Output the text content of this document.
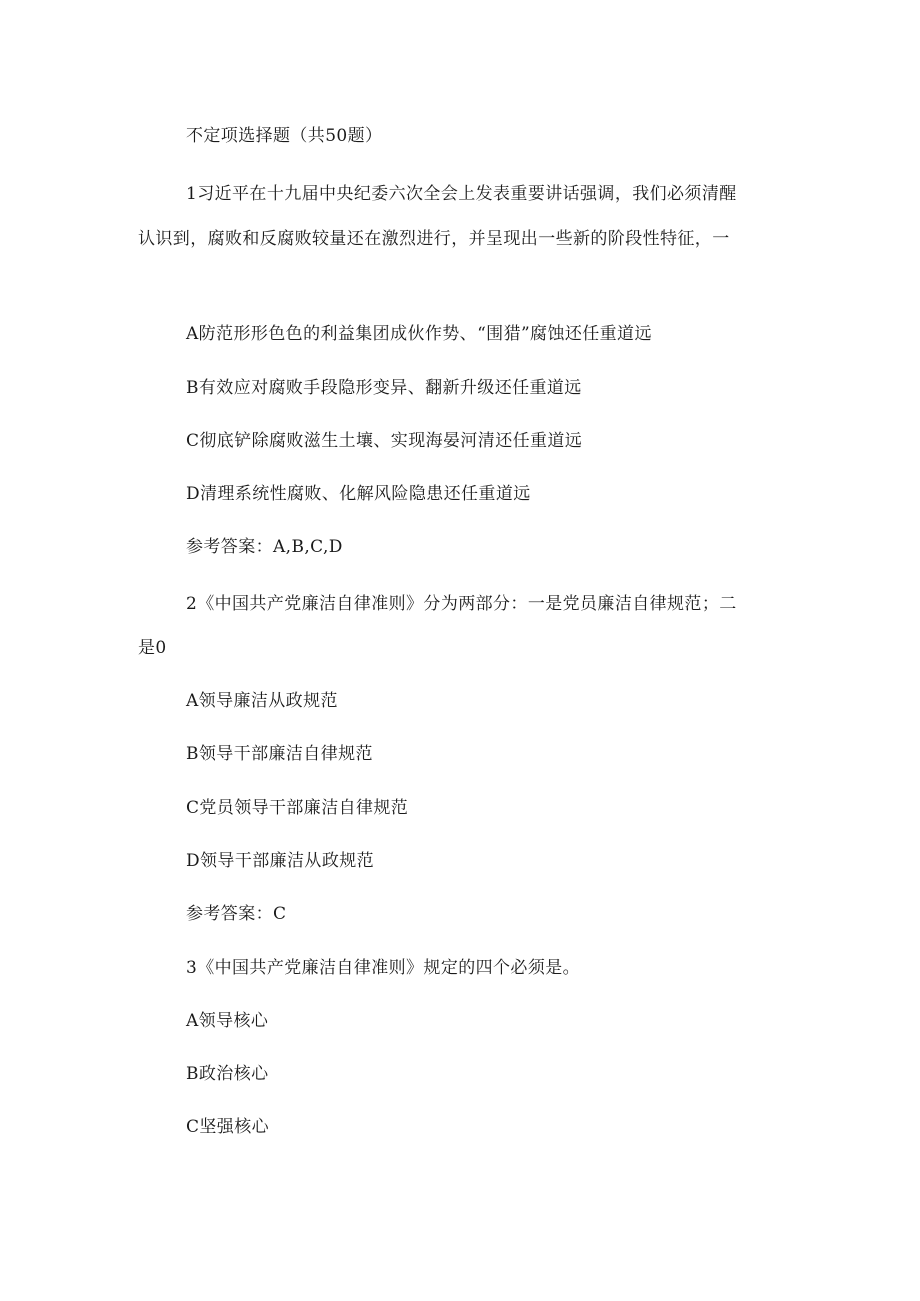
不定项选择题（共50题）
1习近平在十九届中央纪委六次全会上发表重要讲话强调，我们必须清醒
认识到，腐败和反腐败较量还在激烈进行，并呈现出一些新的阶段性特征，一
A防范形形色色的利益集团成伙作势、“围猎”腐蚀还任重道远
B有效应对腐败手段隐形变异、翻新升级还任重道远
C彻底铲除腐败滋生土壤、实现海晏河清还任重道远
D清理系统性腐败、化解风险隐患还任重道远
参考答案：A,B,C,D
2《中国共产党廉洁自律准则》分为两部分：一是党员廉洁自律规范；二
是0
A领导廉洁从政规范
B领导干部廉洁自律规范
C党员领导干部廉洁自律规范
D领导干部廉洁从政规范
参考答案：C
3《中国共产党廉洁自律准则》规定的四个必须是。
A领导核心
B政治核心
C坚强核心
